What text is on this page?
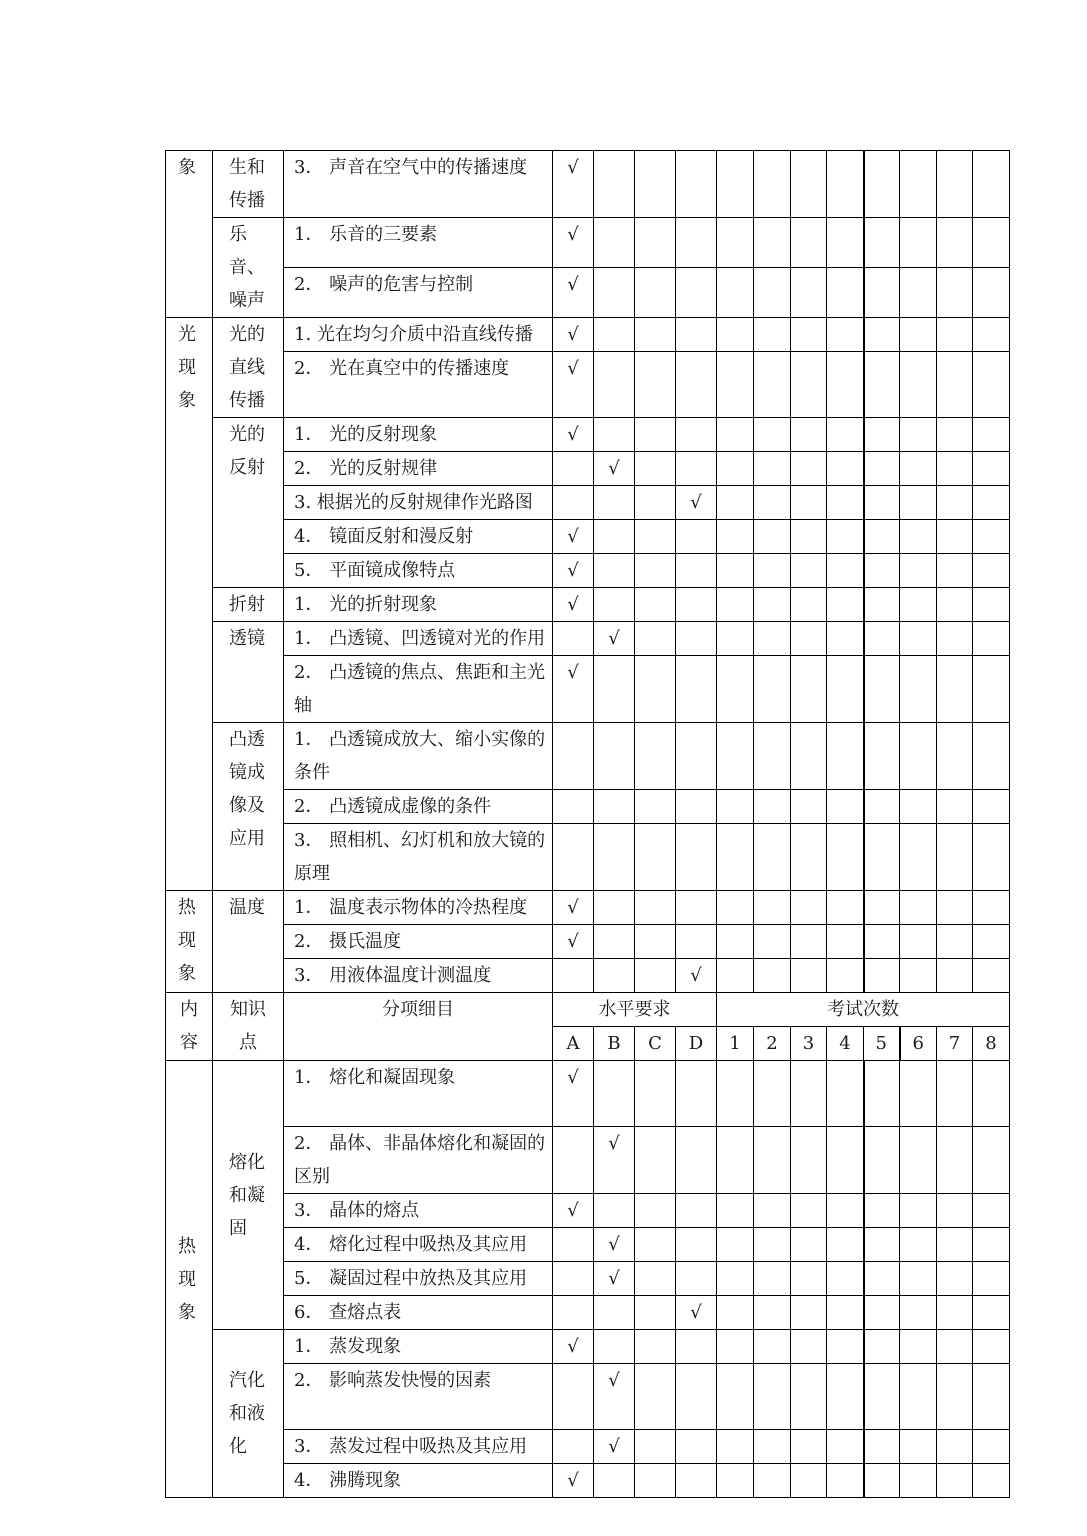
象	生和传播	3． 声音在空气中的传播速度	√											
	乐音、噪声	1． 乐音的三要素	√											
		2． 噪声的危害与控制	√											
光现象	光的直线传播	1. 光在均匀介质中沿直线传播	√											
		2． 光在真空中的传播速度	√											
	光的反射	1． 光的反射现象	√											
		2． 光的反射规律		√										
		3. 根据光的反射规律作光路图				√								
		4． 镜面反射和漫反射	√											
		5． 平面镜成像特点	√											
	折射	1． 光的折射现象	√											
	透镜	1． 凸透镜、凹透镜对光的作用		√										
		2． 凸透镜的焦点、焦距和主光轴	√											
	凸透镜成像及应用	1． 凸透镜成放大、缩小实像的条件												
		2． 凸透镜成虚像的条件												
		3． 照相机、幻灯机和放大镜的原理												
热现象	温度	1． 温度表示物体的冷热程度	√											
		2． 摄氏温度	√											
		3． 用液体温度计测温度				√								
内容	知识点	分项细目	水平要求				考试次数							
			A	B	C	D	1	2	3	4	5	6	7	8
热现象	熔化和凝固	1． 熔化和凝固现象	√											
		2． 晶体、非晶体熔化和凝固的区别		√										
		3． 晶体的熔点	√											
		4． 熔化过程中吸热及其应用		√										
		5． 凝固过程中放热及其应用		√										
		6． 查熔点表				√								
	汽化和液化	1． 蒸发现象	√											
		2． 影响蒸发快慢的因素		√										
		3． 蒸发过程中吸热及其应用		√										
		4． 沸腾现象	√											
